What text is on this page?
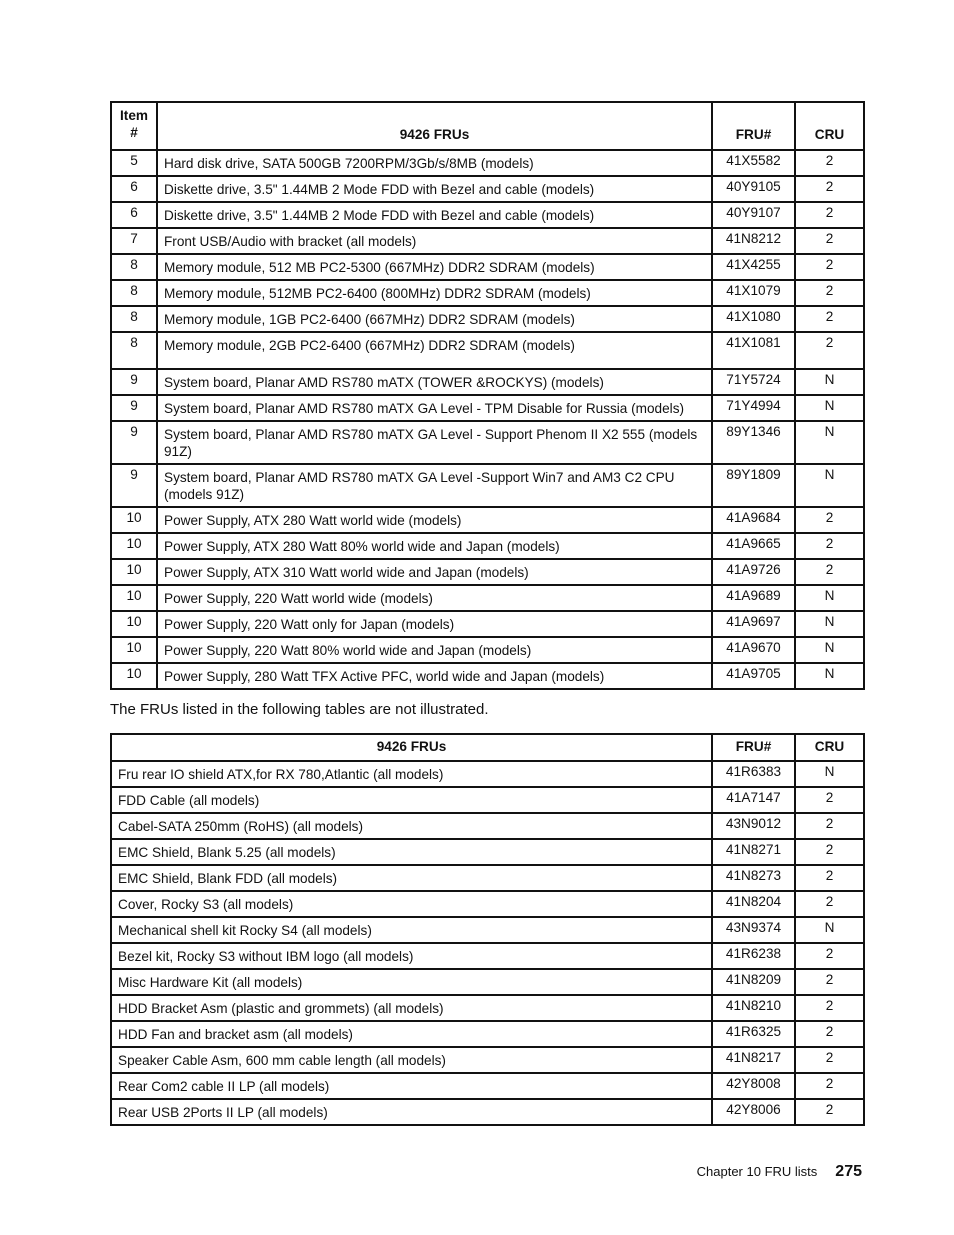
Item
#	9426 FRUs	FRU#	CRU
5	Hard disk drive, SATA 500GB 7200RPM/3Gb/s/8MB (models)	41X5582	2
6	Diskette drive, 3.5" 1.44MB 2 Mode FDD with Bezel and cable (models)	40Y9105	2
6	Diskette drive, 3.5" 1.44MB 2 Mode FDD with Bezel and cable (models)	40Y9107	2
7	Front USB/Audio with bracket (all models)	41N8212	2
8	Memory module, 512 MB PC2-5300 (667MHz) DDR2 SDRAM (models)	41X4255	2
8	Memory module, 512MB PC2-6400 (800MHz) DDR2 SDRAM (models)	41X1079	2
8	Memory module, 1GB PC2-6400 (667MHz) DDR2 SDRAM (models)	41X1080	2
8	Memory module, 2GB PC2-6400 (667MHz) DDR2 SDRAM (models)	41X1081	2
9	System board, Planar AMD RS780 mATX (TOWER &ROCKYS) (models)	71Y5724	N
9	System board, Planar AMD RS780 mATX GA Level - TPM Disable for Russia (models)	71Y4994	N
9	System board, Planar AMD RS780 mATX GA Level - Support Phenom II X2 555 (models 91Z)	89Y1346	N
9	System board, Planar AMD RS780 mATX GA Level -Support Win7 and AM3 C2 CPU (models 91Z)	89Y1809	N
10	Power Supply, ATX 280 Watt world wide (models)	41A9684	2
10	Power Supply, ATX 280 Watt 80% world wide and Japan (models)	41A9665	2
10	Power Supply, ATX 310 Watt world wide and Japan (models)	41A9726	2
10	Power Supply, 220 Watt world wide (models)	41A9689	N
10	Power Supply, 220 Watt only for Japan (models)	41A9697	N
10	Power Supply, 220 Watt 80% world wide and Japan (models)	41A9670	N
10	Power Supply, 280 Watt TFX Active PFC, world wide and Japan (models)	41A9705	N

The FRUs listed in the following tables are not illustrated.

9426 FRUs	FRU#	CRU
Fru rear IO shield ATX,for RX 780,Atlantic (all models)	41R6383	N
FDD Cable (all models)	41A7147	2
Cabel-SATA 250mm (RoHS) (all models)	43N9012	2
EMC Shield, Blank 5.25 (all models)	41N8271	2
EMC Shield, Blank FDD (all models)	41N8273	2
Cover, Rocky S3 (all models)	41N8204	2
Mechanical shell kit Rocky S4 (all models)	43N9374	N
Bezel kit, Rocky S3 without IBM logo (all models)	41R6238	2
Misc Hardware Kit (all models)	41N8209	2
HDD Bracket Asm (plastic and grommets) (all models)	41N8210	2
HDD Fan and bracket asm (all models)	41R6325	2
Speaker Cable Asm, 600 mm cable length (all models)	41N8217	2
Rear Com2 cable II LP (all models)	42Y8008	2
Rear USB 2Ports II LP (all models)	42Y8006	2
Chapter 10 FRU lists 275
